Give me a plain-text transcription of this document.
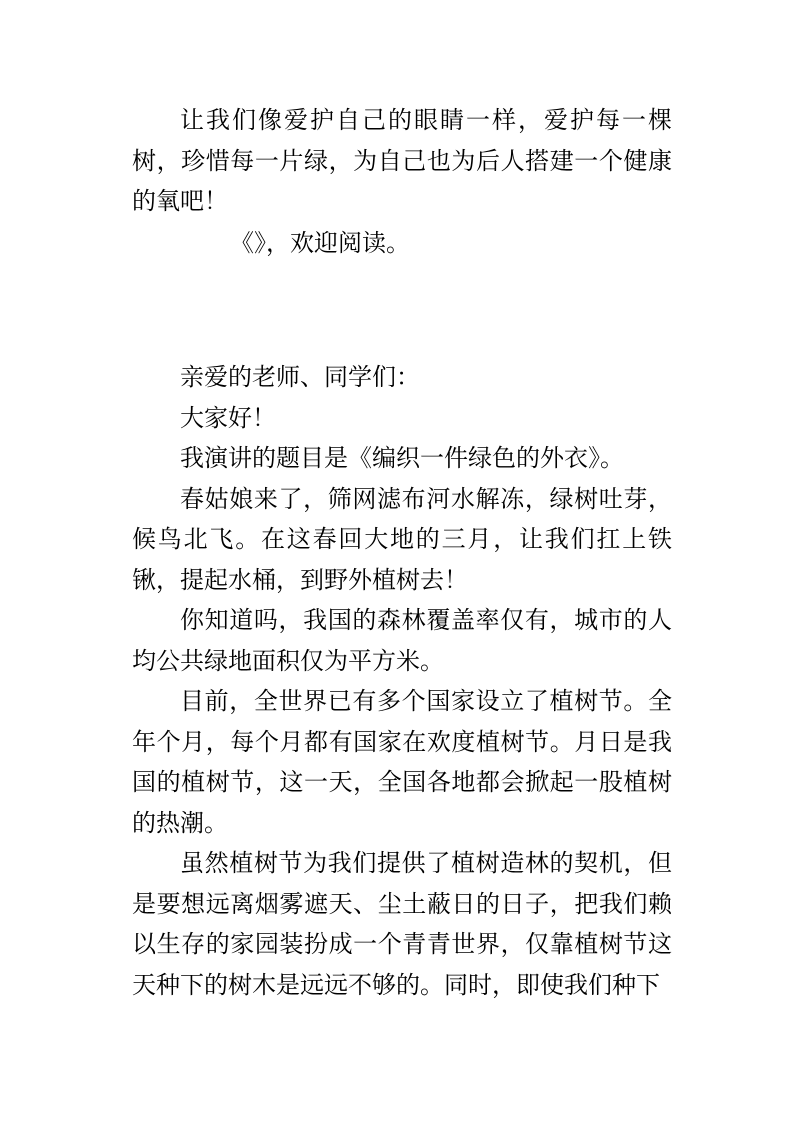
让我们像爱护自己的眼睛一样，爱护每一棵树，珍惜每一片绿，为自己也为后人搭建一个健康的氧吧！

《》，欢迎阅读。

亲爱的老师、同学们：

大家好！

我演讲的题目是《编织一件绿色的外衣》。

春姑娘来了，筛网滤布河水解冻，绿树吐芽，候鸟北飞。在这春回大地的三月，让我们扛上铁锹，提起水桶，到野外植树去！

你知道吗，我国的森林覆盖率仅有，城市的人均公共绿地面积仅为平方米。

目前，全世界已有多个国家设立了植树节。全年个月，每个月都有国家在欢度植树节。月日是我国的植树节，这一天，全国各地都会掀起一股植树的热潮。

虽然植树节为我们提供了植树造林的契机，但是要想远离烟雾遮天、尘土蔽日的日子，把我们赖以生存的家园装扮成一个青青世界，仅靠植树节这天种下的树木是远远不够的。同时，即使我们种下
